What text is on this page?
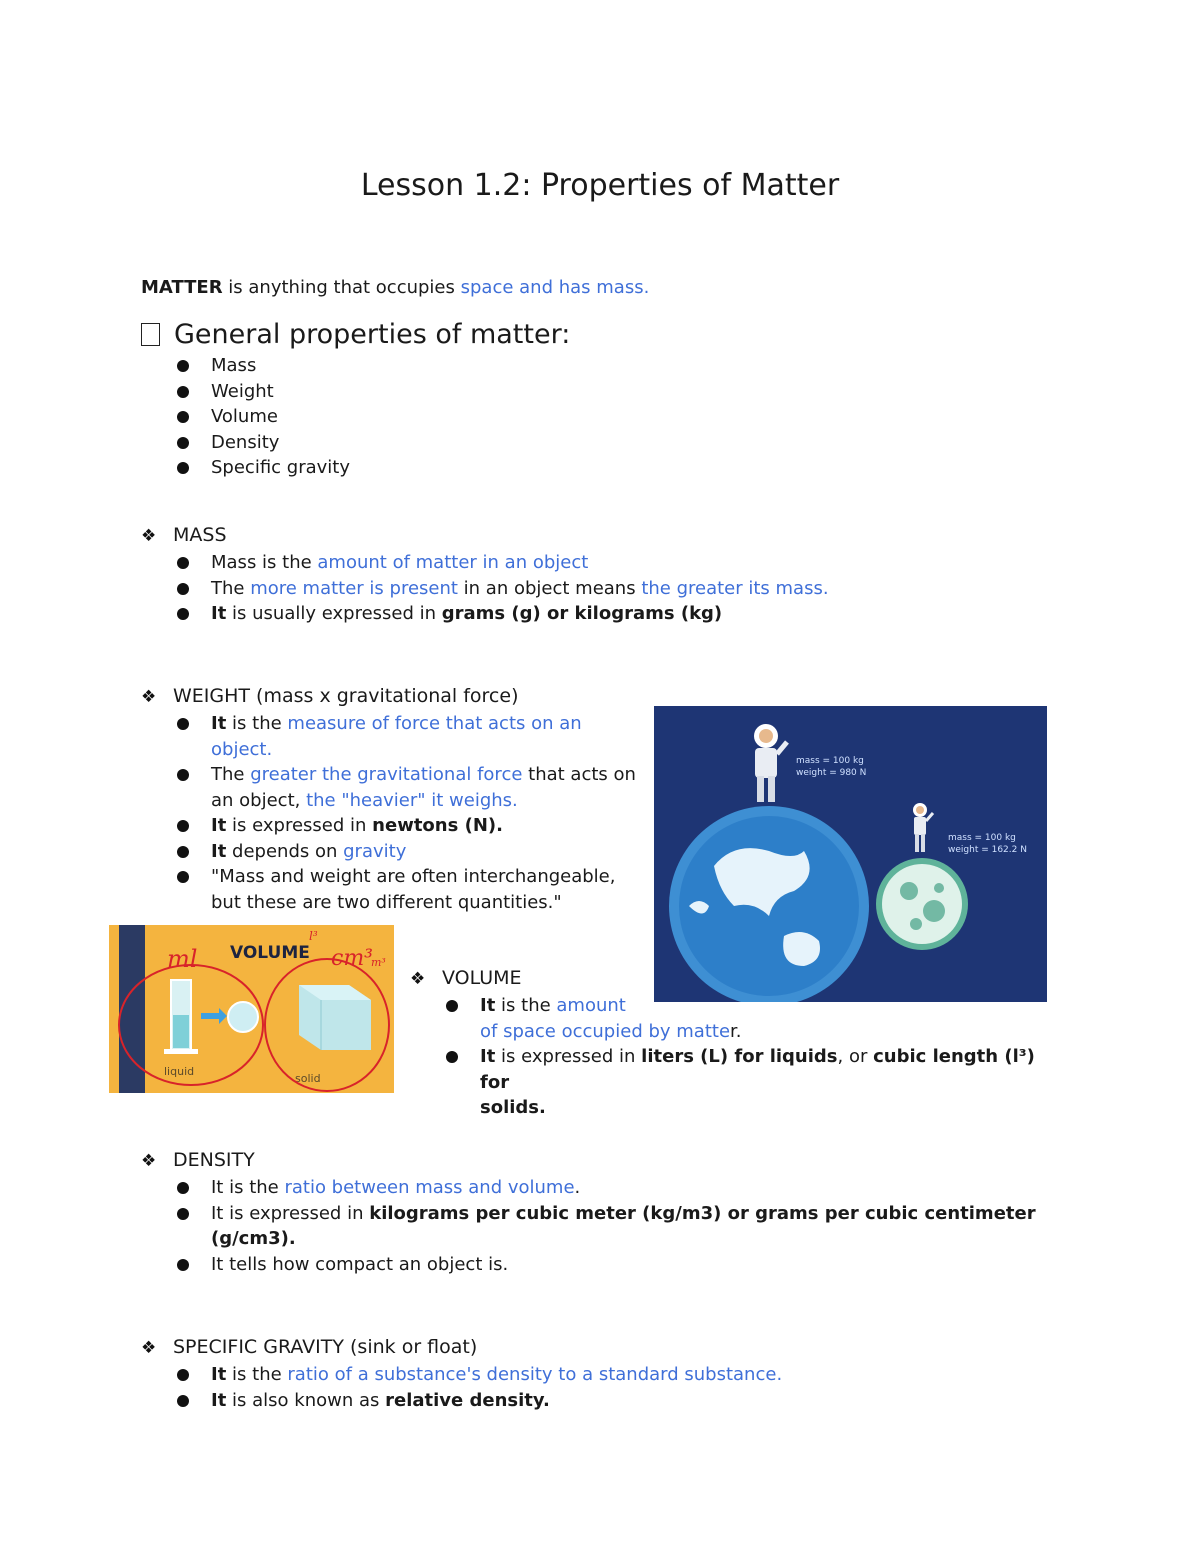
Lesson 1.2: Properties of Matter
MATTER is anything that occupies space and has mass.
General properties of matter:
Mass
Weight
Volume
Density
Specific gravity
❖ MASS
Mass is the amount of matter in an object
The more matter is present in an object means the greater its mass.
It is usually expressed in grams (g) or kilograms (kg)
❖ WEIGHT (mass x gravitational force)
It is the measure of force that acts on an
object.
The greater the gravitational force that acts on
an object, the "heavier" it weighs.
It is expressed in newtons (N).
It depends on gravity
"Mass and weight are often interchangeable,
but these are two different quantities."
mass = 100 kg
weight = 980 N
mass = 100 kg
weight = 162.2 N
VOLUME
liquid
solid
ml
l³
cm³
m³
❖ VOLUME
It is the amount
of space occupied by matter.
It is expressed in liters (L) for liquids, or cubic length (l³) for
solids.
❖ DENSITY
It is the ratio between mass and volume.
It is expressed in kilograms per cubic meter (kg/m3) or grams per cubic centimeter
(g/cm3).
It tells how compact an object is.
❖ SPECIFIC GRAVITY (sink or float)
It is the ratio of a substance's density to a standard substance.
It is also known as relative density.
